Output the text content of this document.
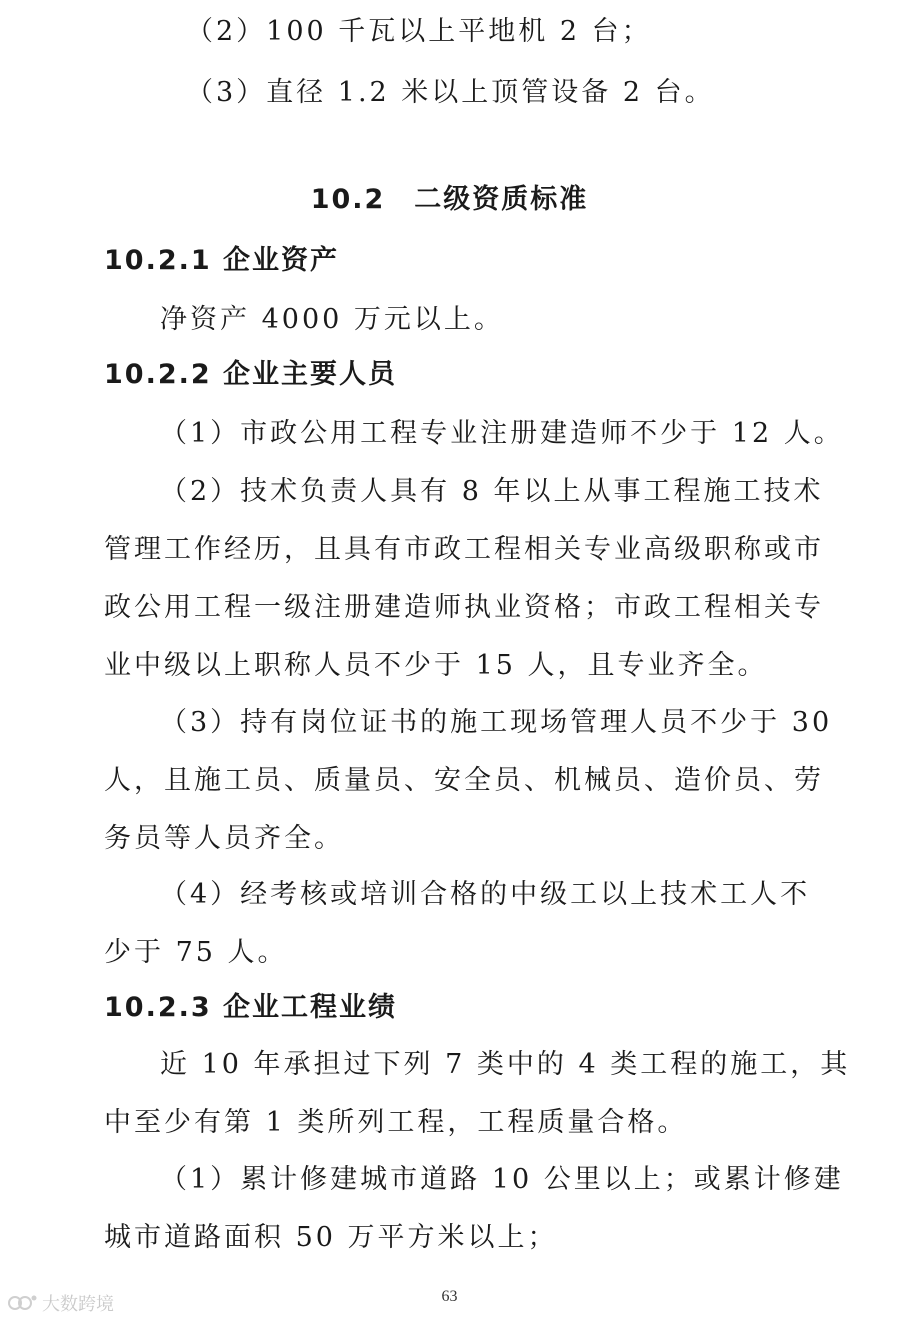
（2）100 千瓦以上平地机 2 台；
（3）直径 1.2 米以上顶管设备 2 台。
10.2　二级资质标准
10.2.1 企业资产
净资产 4000 万元以上。
10.2.2 企业主要人员
（1）市政公用工程专业注册建造师不少于 12 人。
（2）技术负责人具有 8 年以上从事工程施工技术
管理工作经历，且具有市政工程相关专业高级职称或市
政公用工程一级注册建造师执业资格；市政工程相关专
业中级以上职称人员不少于 15 人，且专业齐全。
（3）持有岗位证书的施工现场管理人员不少于 30
人，且施工员、质量员、安全员、机械员、造价员、劳
务员等人员齐全。
（4）经考核或培训合格的中级工以上技术工人不
少于 75 人。
10.2.3 企业工程业绩
近 10 年承担过下列 7 类中的 4 类工程的施工，其
中至少有第 1 类所列工程，工程质量合格。
（1）累计修建城市道路 10 公里以上；或累计修建
城市道路面积 50 万平方米以上；
63
大数跨境
